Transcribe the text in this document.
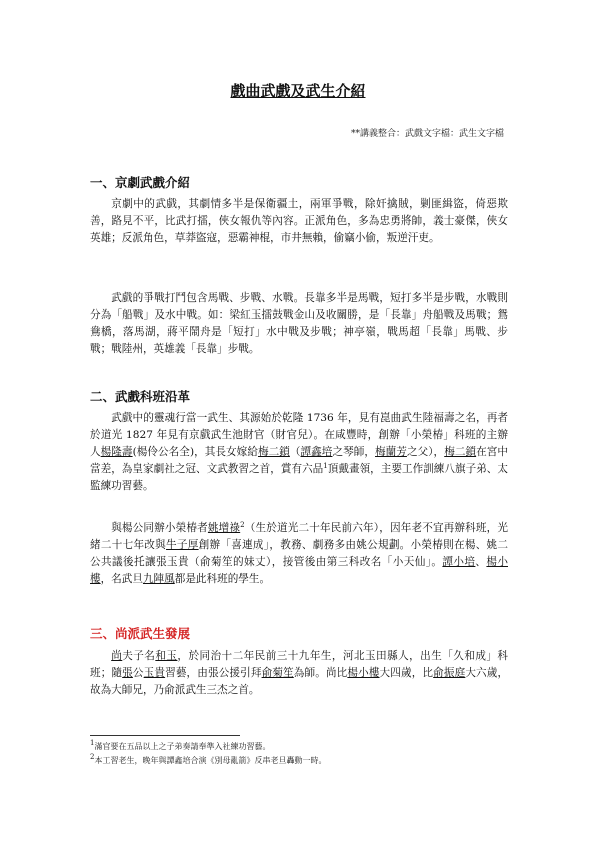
戲曲武戲及武生介紹
**講義整合：武戲文字檔：武生文字檔
一、京劇武戲介紹
京劇中的武戲，其劇情多半是保衛疆土，兩軍爭戰，除奸擒賊，剿匪緝盜，倚惡欺善，路見不平，比武打擂，俠女報仇等內容。正派角色，多為忠勇將帥，義士豪傑，俠女英雄；反派角色，草莽盜寇，惡霸神棍，市井無賴，偷竊小偷，叛逆汗吏。
武戲的爭戰打鬥包含馬戰、步戰、水戰。長靠多半是馬戰，短打多半是步戰，水戰則分為「船戰」及水中戰。如：梁紅玉擂鼓戰金山及收關勝，是「長靠」舟船戰及馬戰；鴛鴦橋，落馬湖，蔣平鬧舟是「短打」水中戰及步戰；神亭嶺，戰馬超「長靠」馬戰、步戰；戰陸州，英雄義「長靠」步戰。
二、武戲科班沿革
武戲中的靈魂行當一武生、其源始於乾隆 1736 年，見有崑曲武生陸福壽之名，再者於道光 1827 年見有京戲武生池財官（財官兒）。在咸豐時，創辦「小榮椿」科班的主辦人楊隆壽(楊伶公名全)，其長女嫁給梅二鎖（譚鑫培之琴師，梅蘭芳之父），梅二鎖在宮中當差，為皇家劇社之冠、文武教習之首，賞有六品$^1$頂戴畫領，主要工作訓練八旗子弟、太監練功習藝。
與楊公同辦小榮椿者姚增祿$^2$（生於道光二十年民前六年），因年老不宜再辦科班，光緒二十七年改與牛子厚創辦「喜連成」，教務、劇務多由姚公規劃。小榮椿則在楊、姚二公共議後托讓張玉貴（俞菊笙的妹丈），接管後由第三科改名「小天仙」。譚小培、楊小樓，名武旦九陣風都是此科班的學生。
三、尚派武生發展
尚夫子名和玉，於同治十二年民前三十九年生，河北玉田縣人，出生「久和成」科班；隨張公玉貴習藝，由張公援引拜俞菊笙為師。尚比楊小樓大四歲，比俞振庭大六歲，故為大師兄，乃俞派武生三杰之首。
$^1$滿官要在五品以上之子弟奏請奉準入社練功習藝。
$^2$本工習老生，晚年與譚鑫培合演《別母亂箭》反串老旦轟動一時。
